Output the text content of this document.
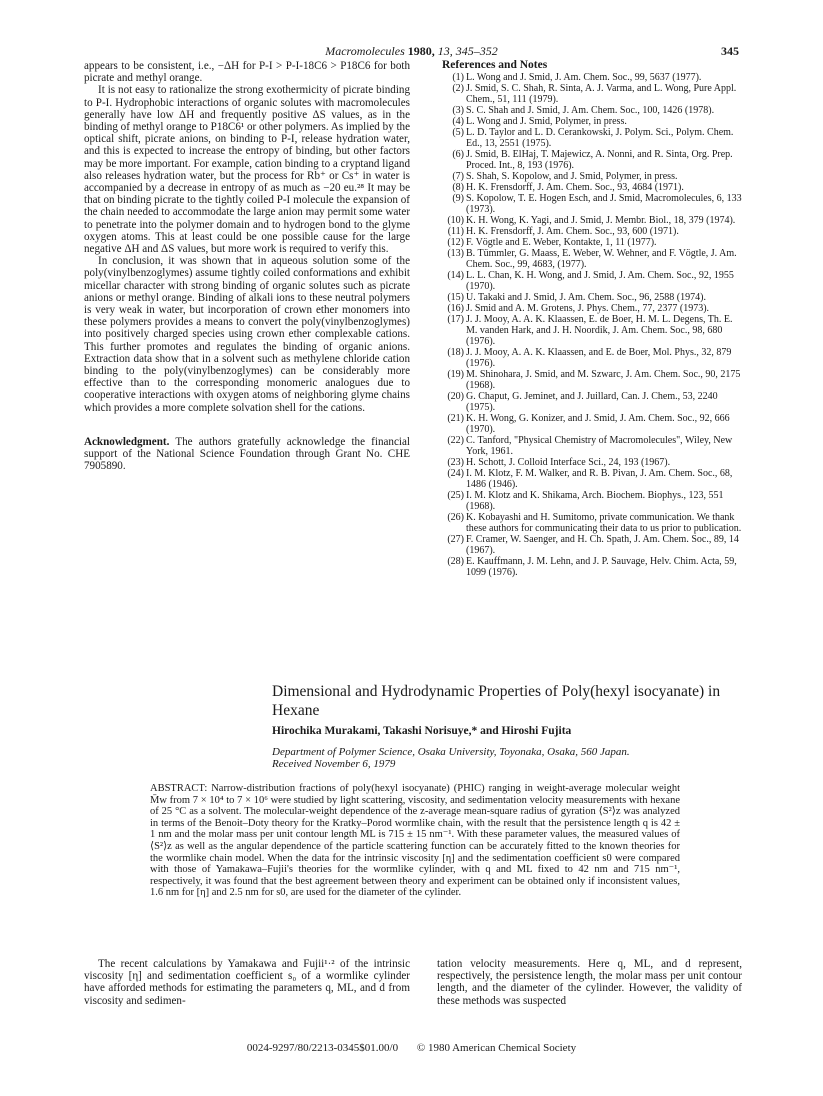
Macromolecules 1980, 13, 345–352	345

appears to be consistent, i.e., −ΔH for P-I > P-I-18C6 > P18C6 for both picrate and methyl orange.

It is not easy to rationalize the strong exothermicity of picrate binding to P-I. Hydrophobic interactions of organic solutes with macromolecules generally have low ΔH and frequently positive ΔS values, as in the binding of methyl orange to P18C6¹ or other polymers. As implied by the optical shift, picrate anions, on binding to P-I, release hydration water, and this is expected to increase the entropy of binding, but other factors may be more important. For example, cation binding to a cryptand ligand also releases hydration water, but the process for Rb⁺ or Cs⁺ in water is accompanied by a decrease in entropy of as much as −20 eu.²⁸ It may be that on binding picrate to the tightly coiled P-I molecule the expansion of the chain needed to accommodate the large anion may permit some water to penetrate into the polymer domain and to hydrogen bond to the glyme oxygen atoms. This at least could be one possible cause for the large negative ΔH and ΔS values, but more work is required to verify this.

In conclusion, it was shown that in aqueous solution some of the poly(vinylbenzoglymes) assume tightly coiled conformations and exhibit micellar character with strong binding of organic solutes such as picrate anions or methyl orange. Binding of alkali ions to these neutral polymers is very weak in water, but incorporation of crown ether monomers into these polymers provides a means to convert the poly(vinylbenzoglymes) into positively charged species using crown ether complexable cations. This further promotes and regulates the binding of organic anions. Extraction data show that in a solvent such as methylene chloride cation binding to the poly(vinylbenzoglymes) can be considerably more effective than to the corresponding monomeric analogues due to cooperative interactions with oxygen atoms of neighboring glyme chains which provides a more complete solvation shell for the cations.

Acknowledgment. The authors gratefully acknowledge the financial support of the National Science Foundation through Grant No. CHE 7905890.

References and Notes
(1) L. Wong and J. Smid, J. Am. Chem. Soc., 99, 5637 (1977).
(2) J. Smid, S. C. Shah, R. Sinta, A. J. Varma, and L. Wong, Pure Appl. Chem., 51, 111 (1979).
(3) S. C. Shah and J. Smid, J. Am. Chem. Soc., 100, 1426 (1978).
(4) L. Wong and J. Smid, Polymer, in press.
(5) L. D. Taylor and L. D. Cerankowski, J. Polym. Sci., Polym. Chem. Ed., 13, 2551 (1975).
(6) J. Smid, B. ElHaj, T. Majewicz, A. Nonni, and R. Sinta, Org. Prep. Proced. Int., 8, 193 (1976).
(7) S. Shah, S. Kopolow, and J. Smid, Polymer, in press.
(8) H. K. Frensdorff, J. Am. Chem. Soc., 93, 4684 (1971).
(9) S. Kopolow, T. E. Hogen Esch, and J. Smid, Macromolecules, 6, 133 (1973).
(10) K. H. Wong, K. Yagi, and J. Smid, J. Membr. Biol., 18, 379 (1974).
(11) H. K. Frensdorff, J. Am. Chem. Soc., 93, 600 (1971).
(12) F. Vögtle and E. Weber, Kontakte, 1, 11 (1977).
(13) B. Tümmler, G. Maass, E. Weber, W. Wehner, and F. Vögtle, J. Am. Chem. Soc., 99, 4683, (1977).
(14) L. L. Chan, K. H. Wong, and J. Smid, J. Am. Chem. Soc., 92, 1955 (1970).
(15) U. Takaki and J. Smid, J. Am. Chem. Soc., 96, 2588 (1974).
(16) J. Smid and A. M. Grotens, J. Phys. Chem., 77, 2377 (1973).
(17) J. J. Mooy, A. A. K. Klaassen, E. de Boer, H. M. L. Degens, Th. E. M. vanden Hark, and J. H. Noordik, J. Am. Chem. Soc., 98, 680 (1976).
(18) J. J. Mooy, A. A. K. Klaassen, and E. de Boer, Mol. Phys., 32, 879 (1976).
(19) M. Shinohara, J. Smid, and M. Szwarc, J. Am. Chem. Soc., 90, 2175 (1968).
(20) G. Chaput, G. Jeminet, and J. Juillard, Can. J. Chem., 53, 2240 (1975).
(21) K. H. Wong, G. Konizer, and J. Smid, J. Am. Chem. Soc., 92, 666 (1970).
(22) C. Tanford, "Physical Chemistry of Macromolecules", Wiley, New York, 1961.
(23) H. Schott, J. Colloid Interface Sci., 24, 193 (1967).
(24) I. M. Klotz, F. M. Walker, and R. B. Pivan, J. Am. Chem. Soc., 68, 1486 (1946).
(25) I. M. Klotz and K. Shikama, Arch. Biochem. Biophys., 123, 551 (1968).
(26) K. Kobayashi and H. Sumitomo, private communication. We thank these authors for communicating their data to us prior to publication.
(27) F. Cramer, W. Saenger, and H. Ch. Spath, J. Am. Chem. Soc., 89, 14 (1967).
(28) E. Kauffmann, J. M. Lehn, and J. P. Sauvage, Helv. Chim. Acta, 59, 1099 (1976).
Dimensional and Hydrodynamic Properties of Poly(hexyl isocyanate) in Hexane
Hirochika Murakami, Takashi Norisuye,* and Hiroshi Fujita
Department of Polymer Science, Osaka University, Toyonaka, Osaka, 560 Japan.
Received November 6, 1979
ABSTRACT: Narrow-distribution fractions of poly(hexyl isocyanate) (PHIC) ranging in weight-average molecular weight M̄w from 7 × 10⁴ to 7 × 10⁶ were studied by light scattering, viscosity, and sedimentation velocity measurements with hexane of 25 °C as a solvent. The molecular-weight dependence of the z-average mean-square radius of gyration ⟨S²⟩z was analyzed in terms of the Benoit–Doty theory for the Kratky–Porod wormlike chain, with the result that the persistence length q is 42 ± 1 nm and the molar mass per unit contour length ML is 715 ± 15 nm⁻¹. With these parameter values, the measured values of ⟨S²⟩z as well as the angular dependence of the particle scattering function can be accurately fitted to the known theories for the wormlike chain model. When the data for the intrinsic viscosity [η] and the sedimentation coefficient s0 were compared with those of Yamakawa–Fujii's theories for the wormlike cylinder, with q and ML fixed to 42 nm and 715 nm⁻¹, respectively, it was found that the best agreement between theory and experiment can be obtained only if inconsistent values, 1.6 nm for [η] and 2.5 nm for s0, are used for the diameter of the cylinder.

The recent calculations by Yamakawa and Fujii¹·² of the intrinsic viscosity [η] and sedimentation coefficient s₀ of a wormlike cylinder have afforded methods for estimating the parameters q, ML, and d from viscosity and sedimen-

tation velocity measurements. Here q, ML, and d represent, respectively, the persistence length, the molar mass per unit contour length, and the diameter of the cylinder. However, the validity of these methods was suspected

0024-9297/80/2213-0345$01.00/0 © 1980 American Chemical Society
